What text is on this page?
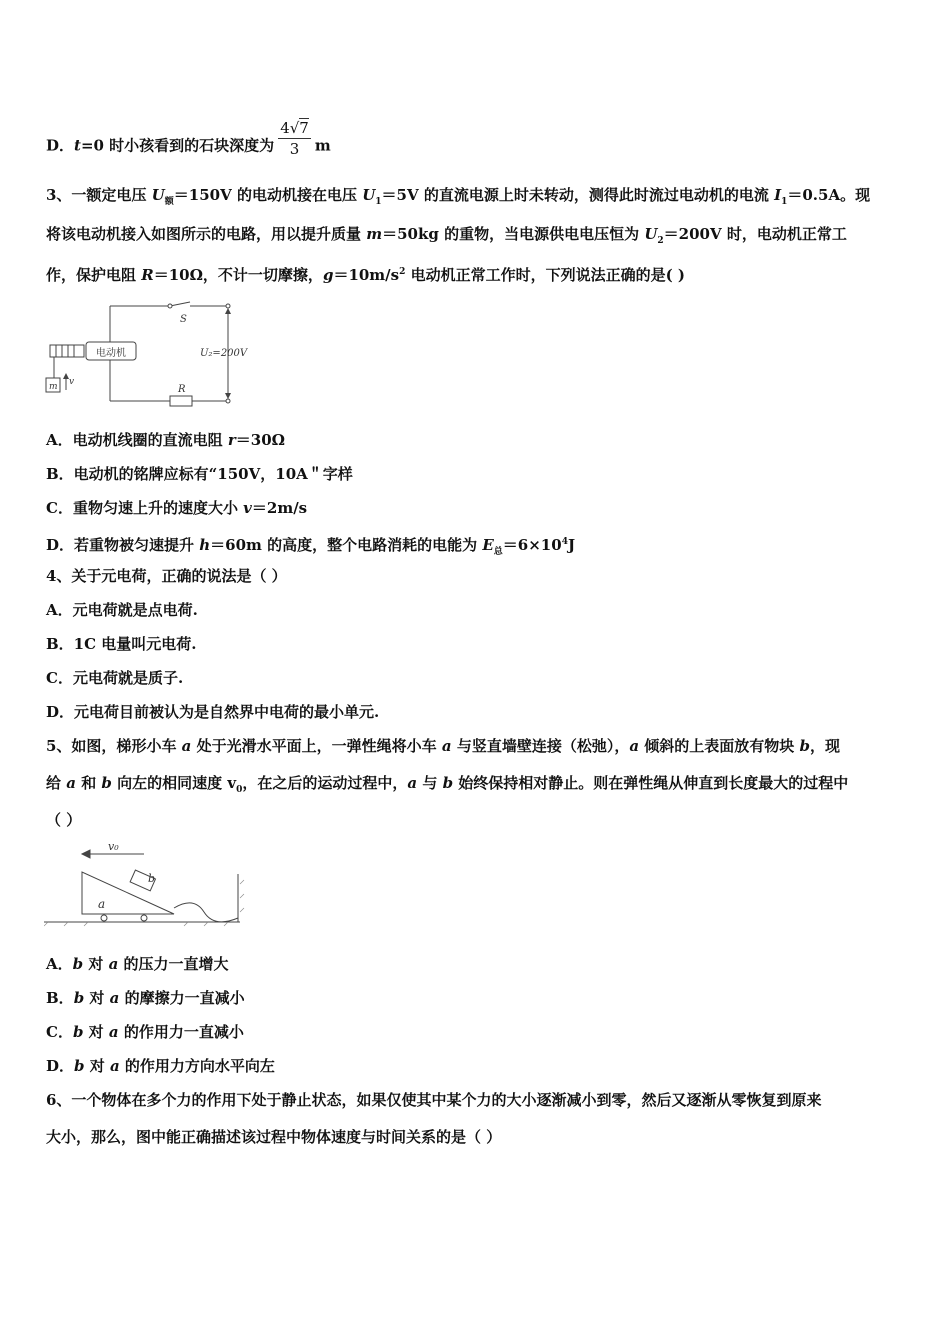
D．t=0 时小孩看到的石块深度为 $\frac{4√7}{3}$ m
3、一额定电压 $U_额=150V$ 的电动机接在电压 $U_1=5V$ 的直流电源上时未转动，测得此时流过电动机的电流 $I_1=0.5A$。现
将该电动机接入如图所示的电路，用以提升质量 m＝50kg 的重物，当电源供电电压恒为 $U_2=200V$ 时，电动机正常工
作，保护电阻 R＝10Ω，不计一切摩擦，$g=10m/s^2$ 电动机正常工作时，下列说法正确的是( )
电动机
S
U₂=200V
R
m v
A．电动机线圈的直流电阻 r＝30Ω
B．电动机的铭牌应标有“150V，10A＂字样
C．重物匀速上升的速度大小 v＝2m/s
D．若重物被匀速提升 h＝60m 的高度，整个电路消耗的电能为 $E_总=6\times 10^4J$
4、关于元电荷，正确的说法是（ ）
A．元电荷就是点电荷.
B．1C 电量叫元电荷.
C．元电荷就是质子.
D．元电荷目前被认为是自然界中电荷的最小单元.
5、如图，梯形小车 a 处于光滑水平面上，一弹性绳将小车 a 与竖直墙壁连接（松弛），a 倾斜的上表面放有物块 b，现
给 a 和 b 向左的相同速度 $v_0$，在之后的运动过程中，a 与 b 始终保持相对静止。则在弹性绳从伸直到长度最大的过程中
（ ）
v₀
a
b
A．b 对 a 的压力一直增大
B．b 对 a 的摩擦力一直减小
C．b 对 a 的作用力一直减小
D．b 对 a 的作用力方向水平向左
6、一个物体在多个力的作用下处于静止状态，如果仅使其中某个力的大小逐渐减小到零，然后又逐渐从零恢复到原来
大小，那么，图中能正确描述该过程中物体速度与时间关系的是（ ）
